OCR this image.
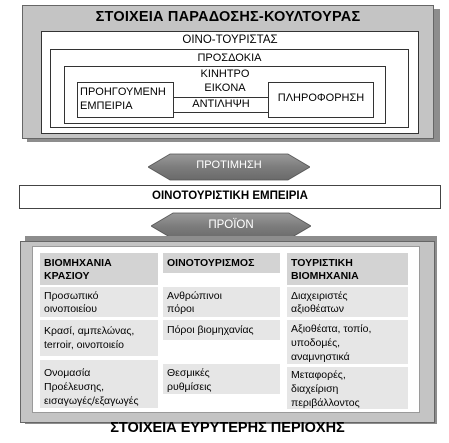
ΣΤΟΙΧΕΙΑ ΠΑΡΑΔΟΣΗΣ-ΚΟΥΛΤΟΥΡΑΣ
ΟΙΝΟ-ΤΟΥΡΙΣΤΑΣ
ΠΡΟΣΔΟΚΙΑ
ΚΙΝΗΤΡΟ
ΕΙΚΟΝΑ
ΠΡΟΗΓΟΥΜΕΝΗ
ΕΜΠΕΙΡΙΑ
ΠΛΗΡΟΦΟΡΗΣΗ
ΑΝΤΙΛΗΨΗ
ΠΡΟΤΙΜΗΣΗ
ΟΙΝΟΤΟΥΡΙΣΤΙΚΗ ΕΜΠΕΙΡΙΑ
ΠΡΟΪΟΝ
ΣΤΟΙΧΕΙΑ ΕΥΡΥΤΕΡΗΣ ΠΕΡΙΟΧΗΣ
ΒΙΟΜΗΧΑΝΙΑ
ΚΡΑΣΙΟΥ
Προσωπικό
οινοποιείου
Κρασί, αμπελώνας,
terroir, οινοποιείο
Ονομασία
Προέλευσης,
εισαγωγές/εξαγωγές
ΟΙΝΟΤΟΥΡΙΣΜΟΣ
Ανθρώπινοι
πόροι
Πόροι βιομηχανίας
Θεσμικές
ρυθμίσεις
ΤΟΥΡΙΣΤΙΚΗ
ΒΙΟΜΗΧΑΝΙΑ
Διαχειριστές
αξιοθέατων
Αξιοθέατα, τοπίο,
υποδομές,
αναμνηστικά
Μεταφορές,
διαχείριση
περιβάλλοντος
